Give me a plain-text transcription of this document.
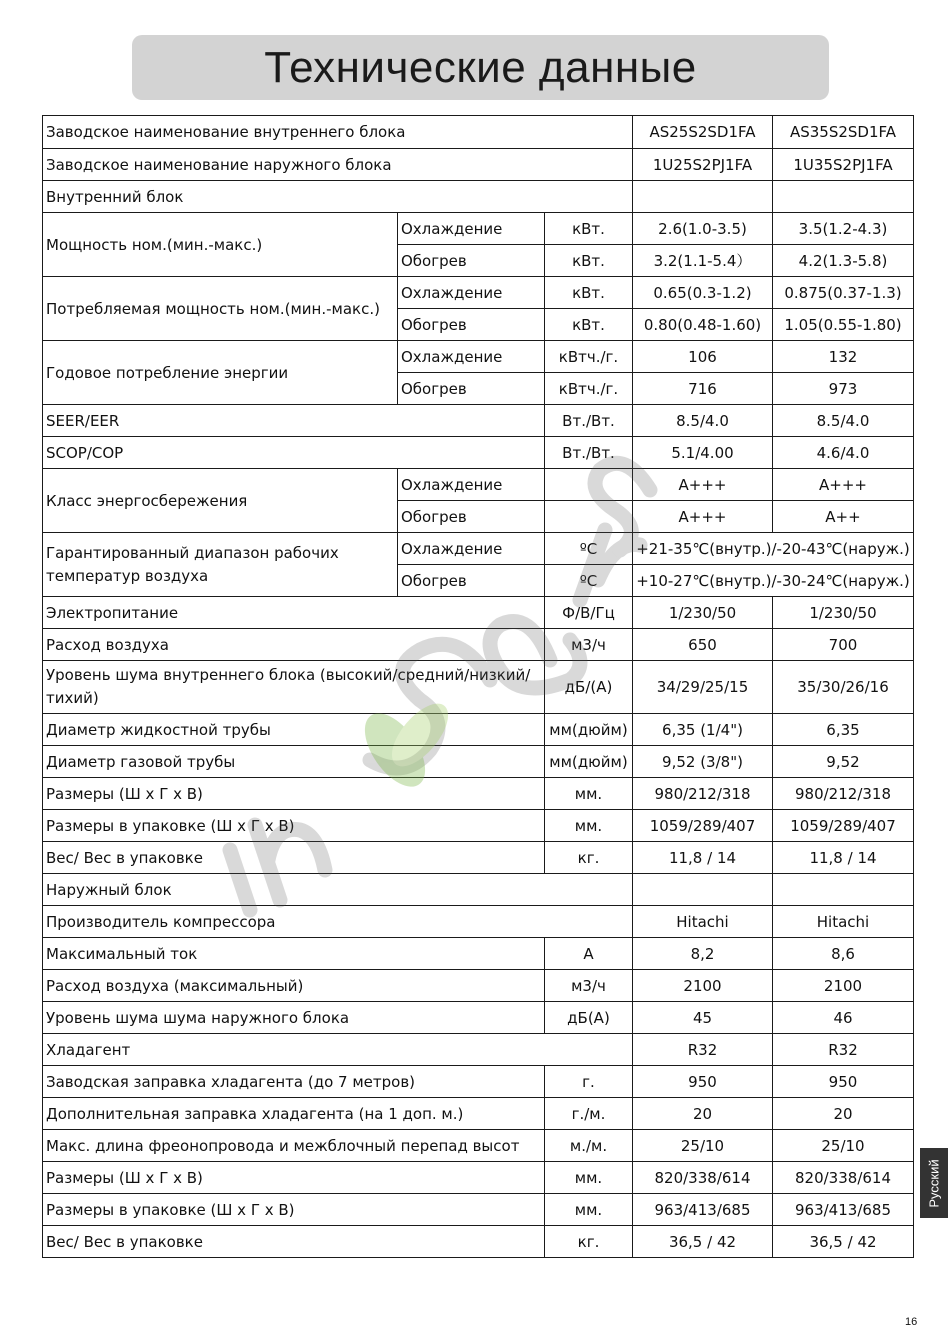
Технические данные
Заводское наименование внутреннего блока			AS25S2SD1FA	AS35S2SD1FA
Заводское наименование наружного блока			1U25S2PJ1FA	1U35S2PJ1FA
Внутренний блок				
Мощность ном.(мин.-макс.)	Охлаждение	кВт.	2.6(1.0-3.5)	3.5(1.2-4.3)
	Обогрев	кВт.	3.2(1.1-5.4）	4.2(1.3-5.8)
Потребляемая мощность ном.(мин.-макс.)	Охлаждение	кВт.	0.65(0.3-1.2)	0.875(0.37-1.3)
	Обогрев	кВт.	0.80(0.48-1.60)	1.05(0.55-1.80)
Годовое потребление энергии	Охлаждение	кВтч./г.	106	132
	Обогрев	кВтч./г.	716	973
SEER/EER		Вт./Вт.	8.5/4.0	8.5/4.0
SCOP/COP		Вт./Вт.	5.1/4.00	4.6/4.0
Класс энергосбережения	Охлаждение		A+++	A+++
	Обогрев		A+++	A++
Гарантированный диапазон рабочих температур воздуха	Охлаждение	ºC	+21-35℃(внутр.)/-20-43℃(наруж.)	
	Обогрев	ºC	+10-27℃(внутр.)/-30-24℃(наруж.)	
Электропитание		Ф/В/Гц	1/230/50	1/230/50
Расход воздуха		м3/ч	650	700
Уровень шума внутреннего блока (высокий/средний/низкий/тихий)		дБ/(А)	34/29/25/15	35/30/26/16
Диаметр жидкостной трубы		мм(дюйм)	6,35 (1/4")	6,35
Диаметр газовой трубы		мм(дюйм)	9,52 (3/8")	9,52
Размеры (Ш х Г х В)		мм.	980/212/318	980/212/318
Размеры в упаковке (Ш х Г х В)		мм.	1059/289/407	1059/289/407
Вес/ Вес в упаковке		кг.	11,8 / 14	11,8 / 14
Наружный блок				
Производитель компрессора			Hitachi	Hitachi
Максимальный ток		A	8,2	8,6
Расход воздуха (максимальный)		м3/ч	2100	2100
Уровень шума шума наружного блока		дБ(А)	45	46
Хладагент			R32	R32
Заводская заправка хладагента (до 7 метров)		г.	950	950
Дополнительная заправка хладагента (на 1 доп. м.)		г./м.	20	20
Макс. длина фреонопровода и межблочный перепад высот		м./м.	25/10	25/10
Размеры (Ш х Г х В)		мм.	820/338/614	820/338/614
Размеры в упаковке (Ш х Г х В)		мм.	963/413/685	963/413/685
Вес/ Вес в упаковке		кг.	36,5 / 42	36,5 / 42
Русский
16
